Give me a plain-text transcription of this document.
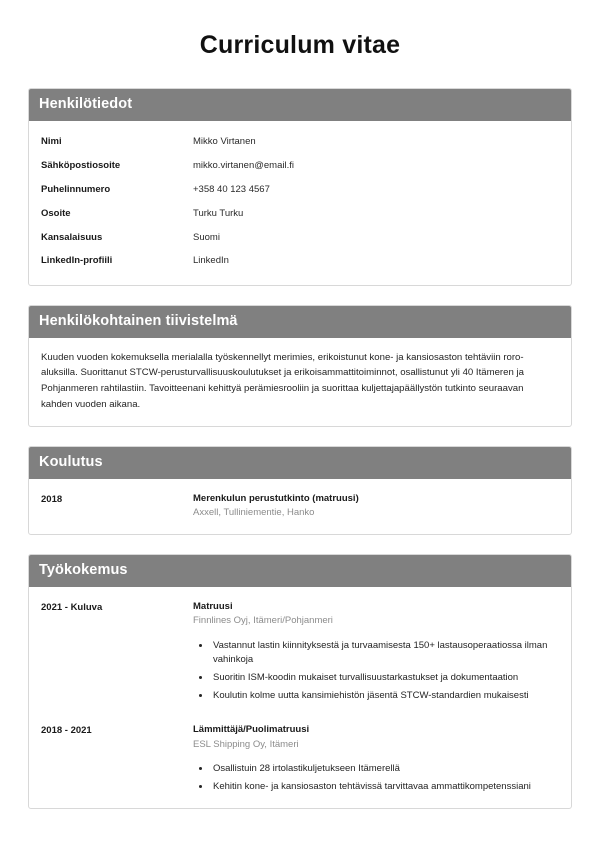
Curriculum vitae
Henkilötiedot
Nimi	Mikko Virtanen
Sähköpostiosoite	mikko.virtanen@email.fi
Puhelinnumero	+358 40 123 4567
Osoite	Turku Turku
Kansalaisuus	Suomi
LinkedIn-profiili	LinkedIn
Henkilökohtainen tiivistelmä

Kuuden vuoden kokemuksella merialalla työskennellyt merimies, erikoistunut kone- ja kansiosaston tehtäviin roro-aluksilla. Suorittanut STCW-perusturvallisuuskoulutukset ja erikoisammattitoiminnot, osallistunut yli 40 Itämeren ja Pohjanmeren rahtilastiin. Tavoitteenani kehittyä perämiesrooliin ja suorittaa kuljettajapäällystön tutkinto seuraavan kahden vuoden aikana.

Koulutus
2018	Merenkulun perustutkinto (matruusi)
Axxell, Tulliniementie, Hanko
Työkokemus
2021 - Kuluva	Matruusi
Finnlines Oyj, Itämeri/Pohjanmeri
• Vastannut lastin kiinnityksestä ja turvaamisesta 150+ lastausoperaatiossa ilman vahinkoja
• Suoritin ISM-koodin mukaiset turvallisuustarkastukset ja dokumentaation
• Koulutin kolme uutta kansimiehistön jäsentä STCW-standardien mukaisesti
2018 - 2021	Lämmittäjä/Puolimatruusi
ESL Shipping Oy, Itämeri
• Osallistuin 28 irtolastikuljetukseen Itämerellä
• Kehitin kone- ja kansiosaston tehtävissä tarvittavaa ammattikompetenssiani
